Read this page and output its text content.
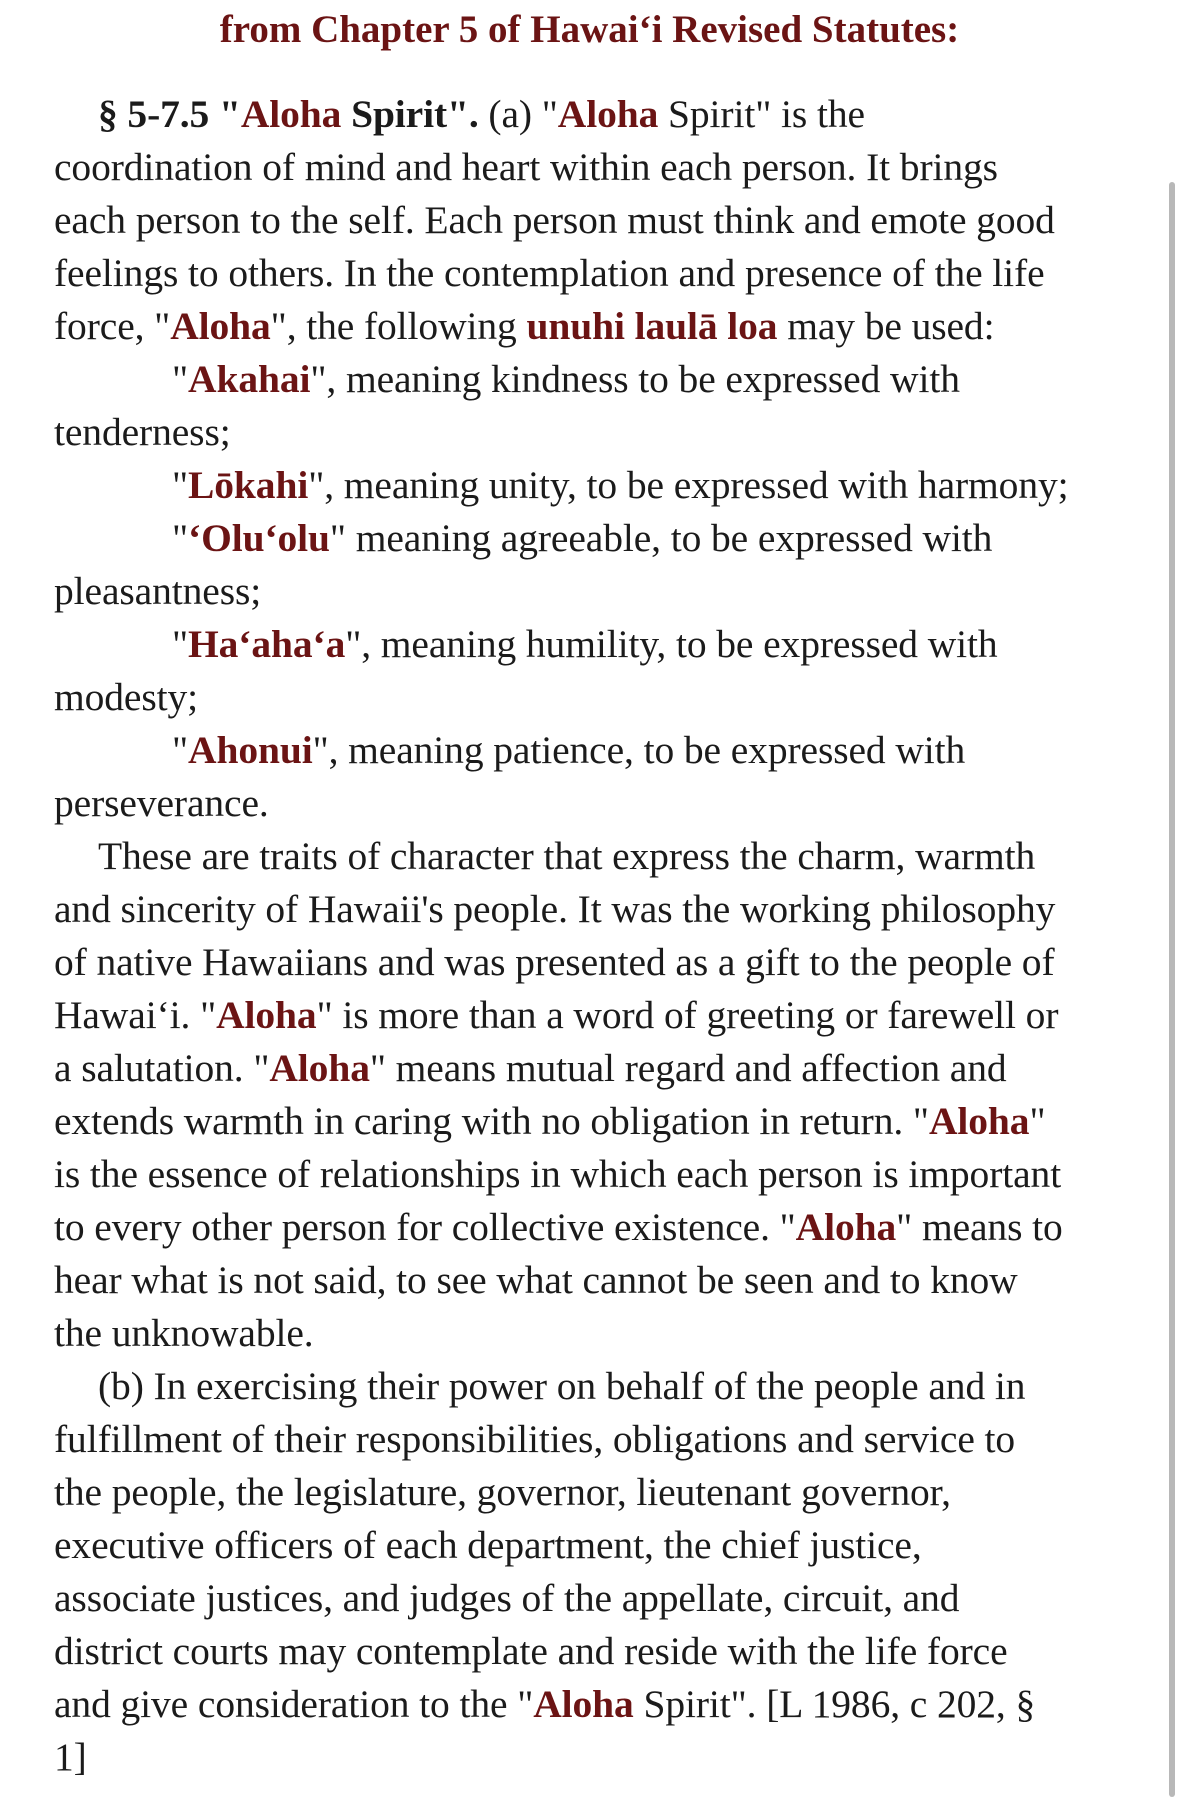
from Chapter 5 of Hawai‘i Revised Statutes:
§ 5-7.5 "Aloha Spirit". (a) "Aloha Spirit" is the
coordination of mind and heart within each person. It brings
each person to the self. Each person must think and emote good
feelings to others. In the contemplation and presence of the life
force, "Aloha", the following unuhi laulā loa may be used:
"Akahai", meaning kindness to be expressed with
tenderness;
"Lōkahi", meaning unity, to be expressed with harmony;
"‘Olu‘olu" meaning agreeable, to be expressed with
pleasantness;
"Ha‘aha‘a", meaning humility, to be expressed with
modesty;
"Ahonui", meaning patience, to be expressed with
perseverance.
These are traits of character that express the charm, warmth
and sincerity of Hawaii's people. It was the working philosophy
of native Hawaiians and was presented as a gift to the people of
Hawai‘i. "Aloha" is more than a word of greeting or farewell or
a salutation. "Aloha" means mutual regard and affection and
extends warmth in caring with no obligation in return. "Aloha"
is the essence of relationships in which each person is important
to every other person for collective existence. "Aloha" means to
hear what is not said, to see what cannot be seen and to know
the unknowable.
(b) In exercising their power on behalf of the people and in
fulfillment of their responsibilities, obligations and service to
the people, the legislature, governor, lieutenant governor,
executive officers of each department, the chief justice,
associate justices, and judges of the appellate, circuit, and
district courts may contemplate and reside with the life force
and give consideration to the "Aloha Spirit". [L 1986, c 202, §
1]
